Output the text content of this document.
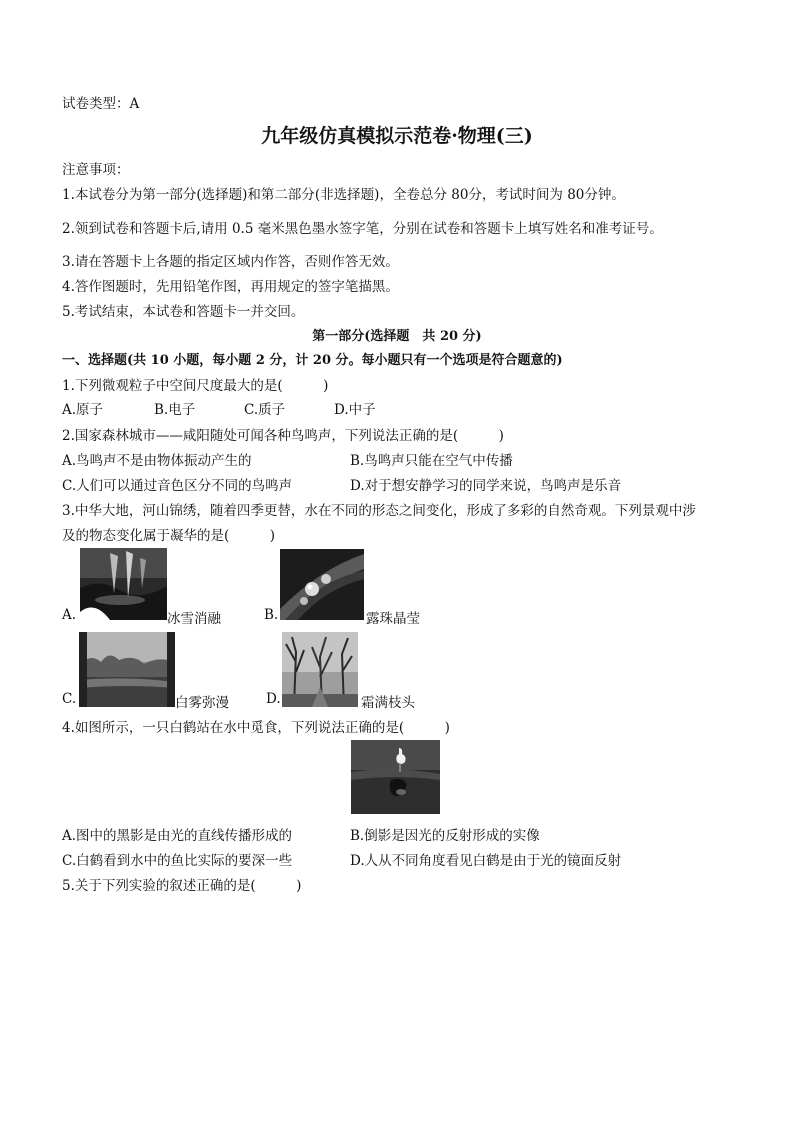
试卷类型：A
九年级仿真模拟示范卷·物理(三)
注意事项：
1.本试卷分为第一部分(选择题)和第二部分(非选择题)，全卷总分 80分，考试时间为 80分钟。
2.领到试卷和答题卡后,请用 0.5 毫米黑色墨水签字笔，分别在试卷和答题卡上填写姓名和准考证号。
3.请在答题卡上各题的指定区域内作答，否则作答无效。
4.答作图题时，先用铅笔作图，再用规定的签字笔描黑。
5.考试结束，本试卷和答题卡一并交回。
第一部分(选择题　共 20 分)
一、选择题(共 10 小题，每小题 2 分，计 20 分。每小题只有一个选项是符合题意的)
1.下列微观粒子中空间尺度最大的是(　　　)
A.原子	B.电子	C.质子	D.中子
2.国家森林城市——咸阳随处可闻各种鸟鸣声，下列说法正确的是(　　　)
A.鸟鸣声不是由物体振动产生的	B.鸟鸣声只能在空气中传播
C.人们可以通过音色区分不同的鸟鸣声	D.对于想安静学习的同学来说，鸟鸣声是乐音
3.中华大地，河山锦绣，随着四季更替，水在不同的形态之间变化，形成了多彩的自然奇观。下列景观中涉
及的物态变化属于凝华的是(　　　)
A.	冰雪消融	B.	露珠晶莹
C.	白雾弥漫	D.	霜满枝头
4.如图所示，一只白鹤站在水中觅食，下列说法正确的是(　　　)
A.图中的黑影是由光的直线传播形成的	B.倒影是因光的反射形成的实像
C.白鹤看到水中的鱼比实际的要深一些	D.人从不同角度看见白鹤是由于光的镜面反射
5.关于下列实验的叙述正确的是(　　　)
